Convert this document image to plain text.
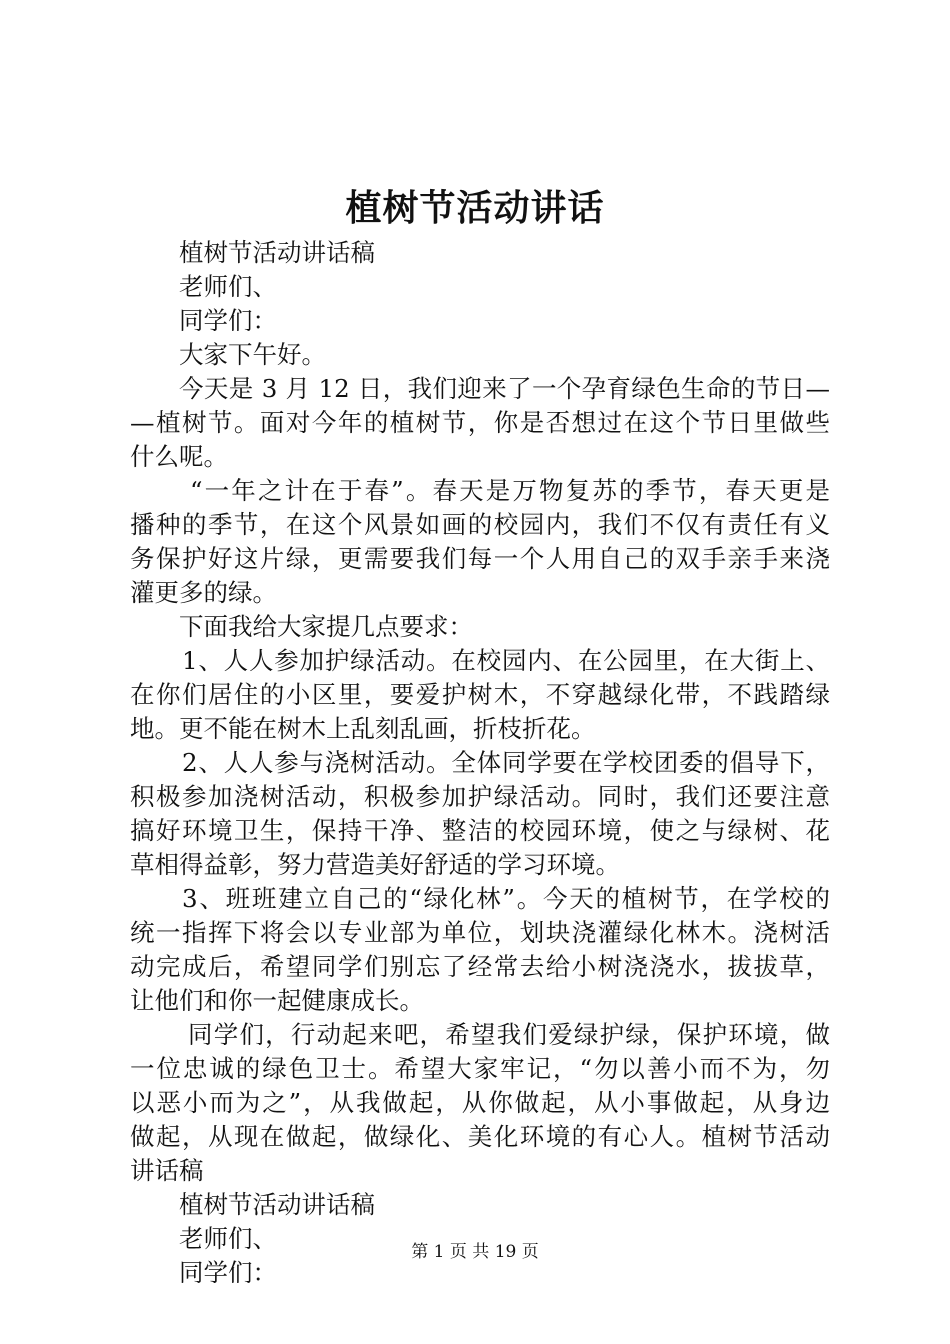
植树节活动讲话
植树节活动讲话稿
老师们、
同学们：
大家下午好。
今天是 3 月 12 日，我们迎来了一个孕育绿色生命的节日—
—植树节。面对今年的植树节，你是否想过在这个节日里做些
什么呢。
“一年之计在于春”。春天是万物复苏的季节，春天更是
播种的季节，在这个风景如画的校园内，我们不仅有责任有义
务保护好这片绿，更需要我们每一个人用自己的双手亲手来浇
灌更多的绿。
下面我给大家提几点要求：
1、人人参加护绿活动。在校园内、在公园里，在大街上、
在你们居住的小区里，要爱护树木，不穿越绿化带，不践踏绿
地。更不能在树木上乱刻乱画，折枝折花。
2、人人参与浇树活动。全体同学要在学校团委的倡导下，
积极参加浇树活动，积极参加护绿活动。同时，我们还要注意
搞好环境卫生，保持干净、整洁的校园环境，使之与绿树、花
草相得益彰，努力营造美好舒适的学习环境。
3、班班建立自己的“绿化林”。今天的植树节，在学校的
统一指挥下将会以专业部为单位，划块浇灌绿化林木。浇树活
动完成后，希望同学们别忘了经常去给小树浇浇水，拔拔草，
让他们和你一起健康成长。
同学们，行动起来吧，希望我们爱绿护绿，保护环境，做
一位忠诚的绿色卫士。希望大家牢记，“勿以善小而不为，勿
以恶小而为之”，从我做起，从你做起，从小事做起，从身边
做起，从现在做起，做绿化、美化环境的有心人。植树节活动
讲话稿
植树节活动讲话稿
老师们、
同学们：
第 1 页 共 19 页
